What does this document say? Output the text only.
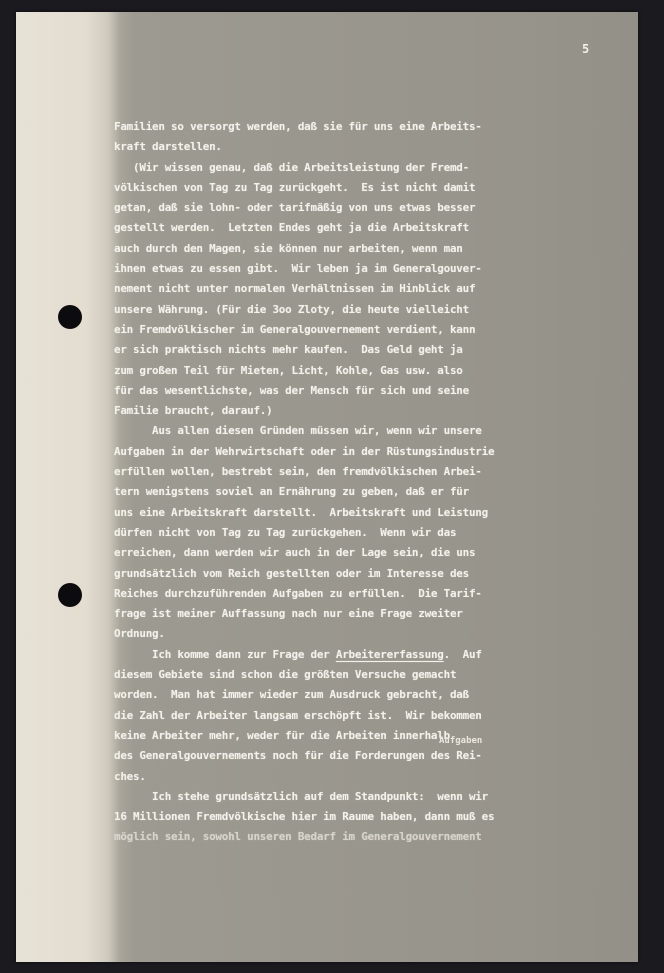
5
Familien so versorgt werden, daß sie für uns eine Arbeits-
kraft darstellen.
(Wir wissen genau, daß die Arbeitsleistung der Fremd-
völkischen von Tag zu Tag zurückgeht.  Es ist nicht damit
getan, daß sie lohn- oder tarifmäßig von uns etwas besser
gestellt werden.  Letzten Endes geht ja die Arbeitskraft
auch durch den Magen, sie können nur arbeiten, wenn man
ihnen etwas zu essen gibt.  Wir leben ja im Generalgouver-
nement nicht unter normalen Verhältnissen im Hinblick auf
unsere Währung. (Für die 3oo Zloty, die heute vielleicht
ein Fremdvölkischer im Generalgouvernement verdient, kann
er sich praktisch nichts mehr kaufen.  Das Geld geht ja
zum großen Teil für Mieten, Licht, Kohle, Gas usw. also
für das wesentlichste, was der Mensch für sich und seine
Familie braucht, darauf.)
Aus allen diesen Gründen müssen wir, wenn wir unsere
Aufgaben in der Wehrwirtschaft oder in der Rüstungsindustrie
erfüllen wollen, bestrebt sein, den fremdvölkischen Arbei-
tern wenigstens soviel an Ernährung zu geben, daß er für
uns eine Arbeitskraft darstellt.  Arbeitskraft und Leistung
dürfen nicht von Tag zu Tag zurückgehen.  Wenn wir das
erreichen, dann werden wir auch in der Lage sein, die uns
grundsätzlich vom Reich gestellten oder im Interesse des
Reiches durchzuführenden Aufgaben zu erfüllen.  Die Tarif-
frage ist meiner Auffassung nach nur eine Frage zweiter
Ordnung.
Ich komme dann zur Frage der Arbeitererfassung.  Auf
diesem Gebiete sind schon die größten Versuche gemacht
worden.  Man hat immer wieder zum Ausdruck gebracht, daß
die Zahl der Arbeiter langsam erschöpft ist.  Wir bekommen
keine Arbeiter mehr, weder für die Arbeiten innerhalb
des Generalgouvernements noch für die Forderungen des Rei-
ches.
Ich stehe grundsätzlich auf dem Standpunkt:  wenn wir
16 Millionen Fremdvölkische hier im Raume haben, dann muß es
möglich sein, sowohl unseren Bedarf im Generalgouvernement
Aufgaben
